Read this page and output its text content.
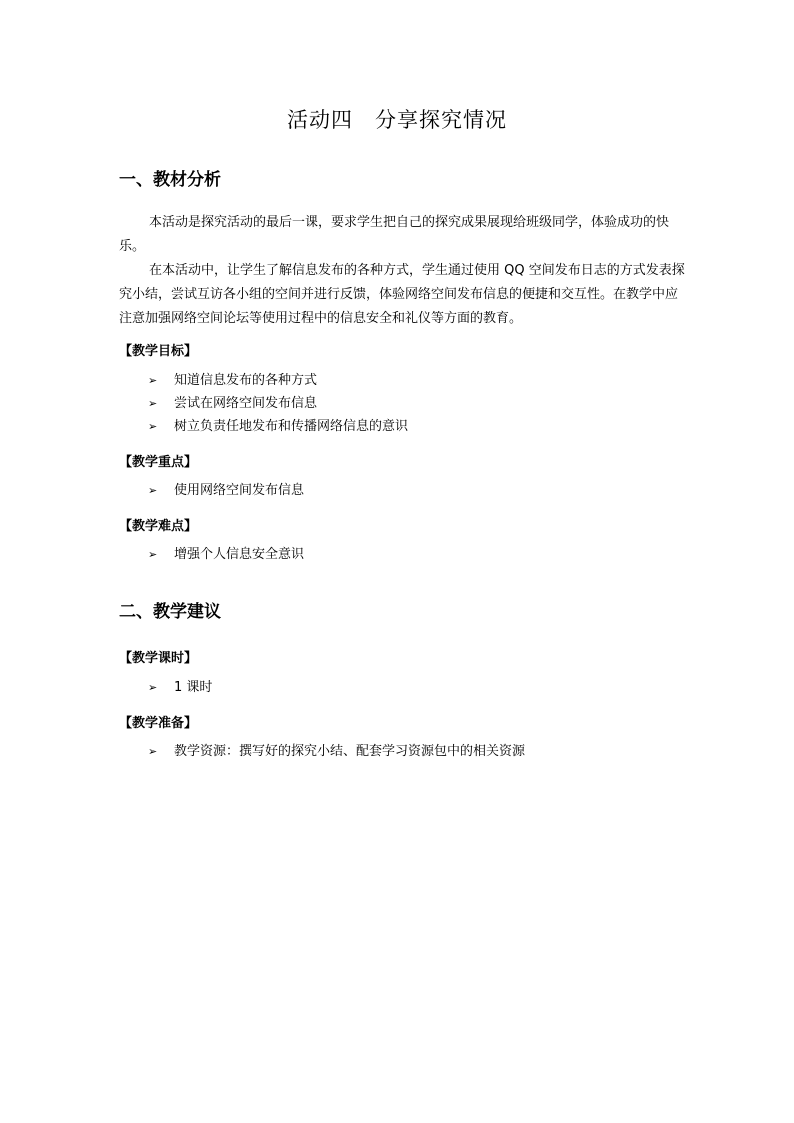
活动四　分享探究情况
一、教材分析
本活动是探究活动的最后一课，要求学生把自己的探究成果展现给班级同学，体验成功的快乐。
在本活动中，让学生了解信息发布的各种方式，学生通过使用 QQ 空间发布日志的方式发表探究小结，尝试互访各小组的空间并进行反馈，体验网络空间发布信息的便捷和交互性。在教学中应注意加强网络空间论坛等使用过程中的信息安全和礼仪等方面的教育。
【教学目标】
➢ 知道信息发布的各种方式
➢ 尝试在网络空间发布信息
➢ 树立负责任地发布和传播网络信息的意识
【教学重点】
➢ 使用网络空间发布信息
【教学难点】
➢ 增强个人信息安全意识
二、教学建议
【教学课时】
➢ 1 课时
【教学准备】
➢ 教学资源：撰写好的探究小结、配套学习资源包中的相关资源
